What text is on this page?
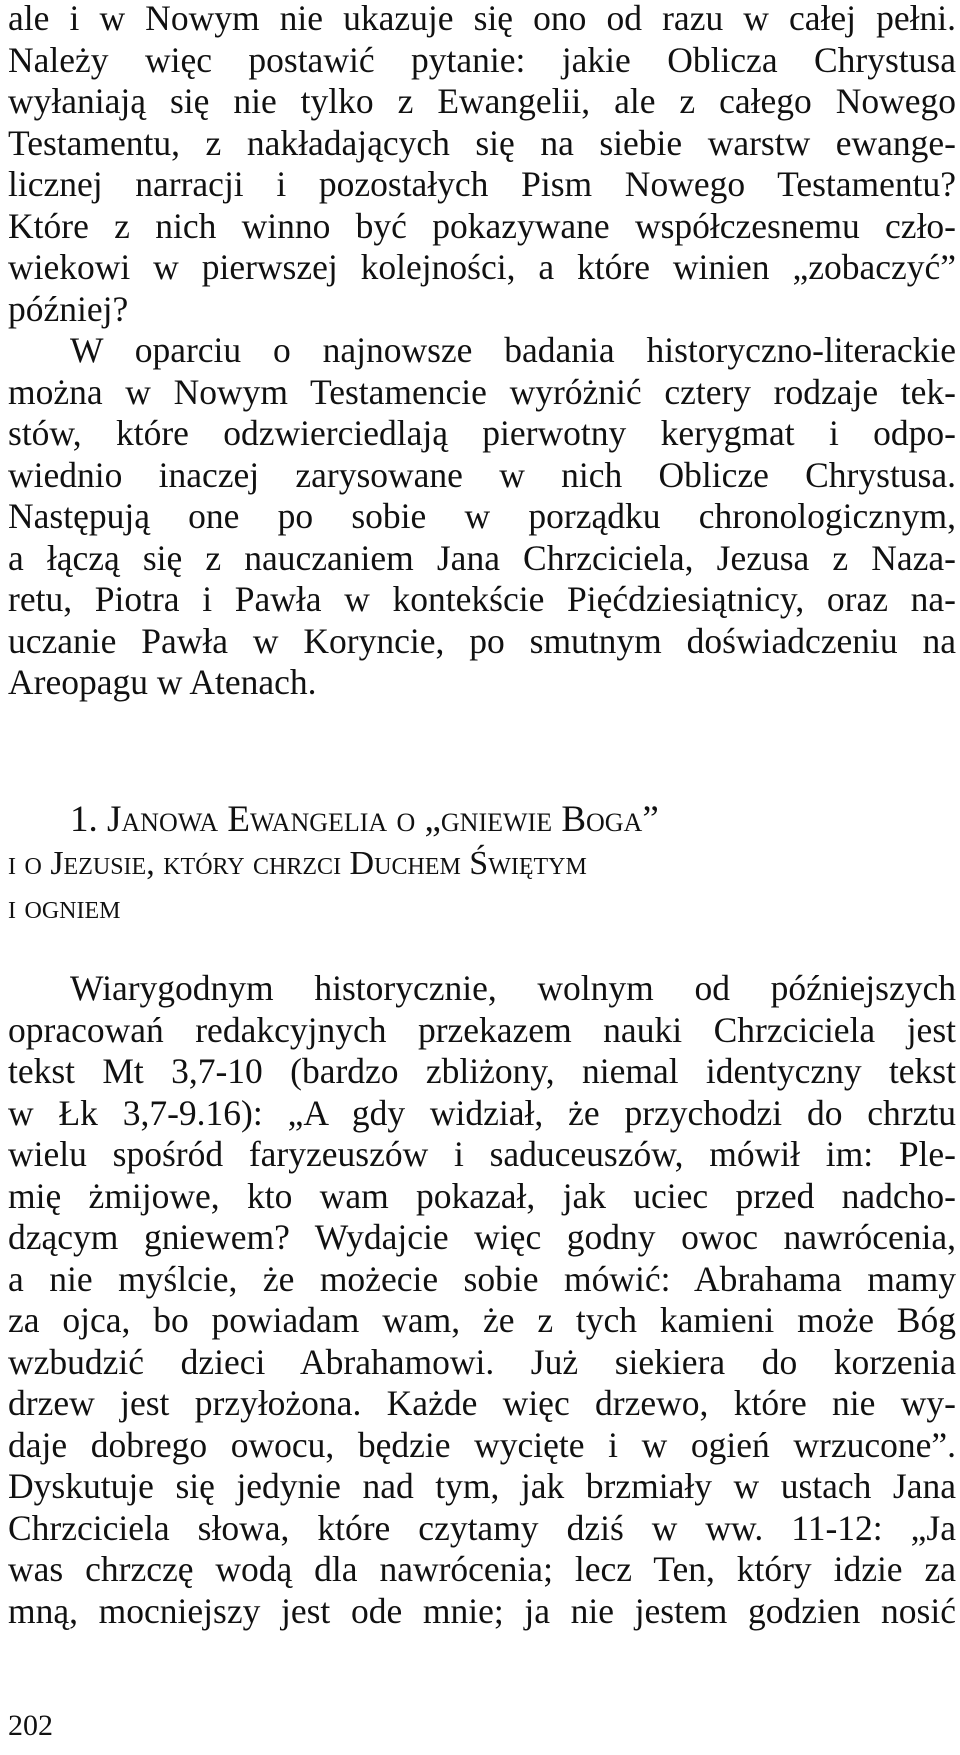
ale i w Nowym nie ukazuje się ono od razu w całej pełni.
Należy więc postawić pytanie: jakie Oblicza Chrystusa
wyłaniają się nie tylko z Ewangelii, ale z całego Nowego
Testamentu, z nakładających się na siebie warstw ewange-
licznej narracji i pozostałych Pism Nowego Testamentu?
Które z nich winno być pokazywane współczesnemu czło-
wiekowi w pierwszej kolejności, a które winien „zobaczyć”
później?
W oparciu o najnowsze badania historyczno-literackie
można w Nowym Testamencie wyróżnić cztery rodzaje tek-
stów, które odzwierciedlają pierwotny kerygmat i odpo-
wiednio inaczej zarysowane w nich Oblicze Chrystusa.
Następują one po sobie w porządku chronologicznym,
a łączą się z nauczaniem Jana Chrzciciela, Jezusa z Naza-
retu, Piotra i Pawła w kontekście Pięćdziesiątnicy, oraz na-
uczanie Pawła w Koryncie, po smutnym doświadczeniu na
Areopagu w Atenach.
1. Janowa Ewangelia o „gniewie Boga”
i o Jezusie, który chrzci Duchem Świętym
i ogniem
Wiarygodnym historycznie, wolnym od późniejszych
opracowań redakcyjnych przekazem nauki Chrzciciela jest
tekst Mt 3,7-10 (bardzo zbliżony, niemal identyczny tekst
w Łk 3,7-9.16): „A gdy widział, że przychodzi do chrztu
wielu spośród faryzeuszów i saduceuszów, mówił im: Ple-
mię żmijowe, kto wam pokazał, jak uciec przed nadcho-
dzącym gniewem? Wydajcie więc godny owoc nawrócenia,
a nie myślcie, że możecie sobie mówić: Abrahama mamy
za ojca, bo powiadam wam, że z tych kamieni może Bóg
wzbudzić dzieci Abrahamowi. Już siekiera do korzenia
drzew jest przyłożona. Każde więc drzewo, które nie wy-
daje dobrego owocu, będzie wycięte i w ogień wrzucone”.
Dyskutuje się jedynie nad tym, jak brzmiały w ustach Jana
Chrzciciela słowa, które czytamy dziś w ww. 11-12: „Ja
was chrzczę wodą dla nawrócenia; lecz Ten, który idzie za
mną, mocniejszy jest ode mnie; ja nie jestem godzien nosić
202
